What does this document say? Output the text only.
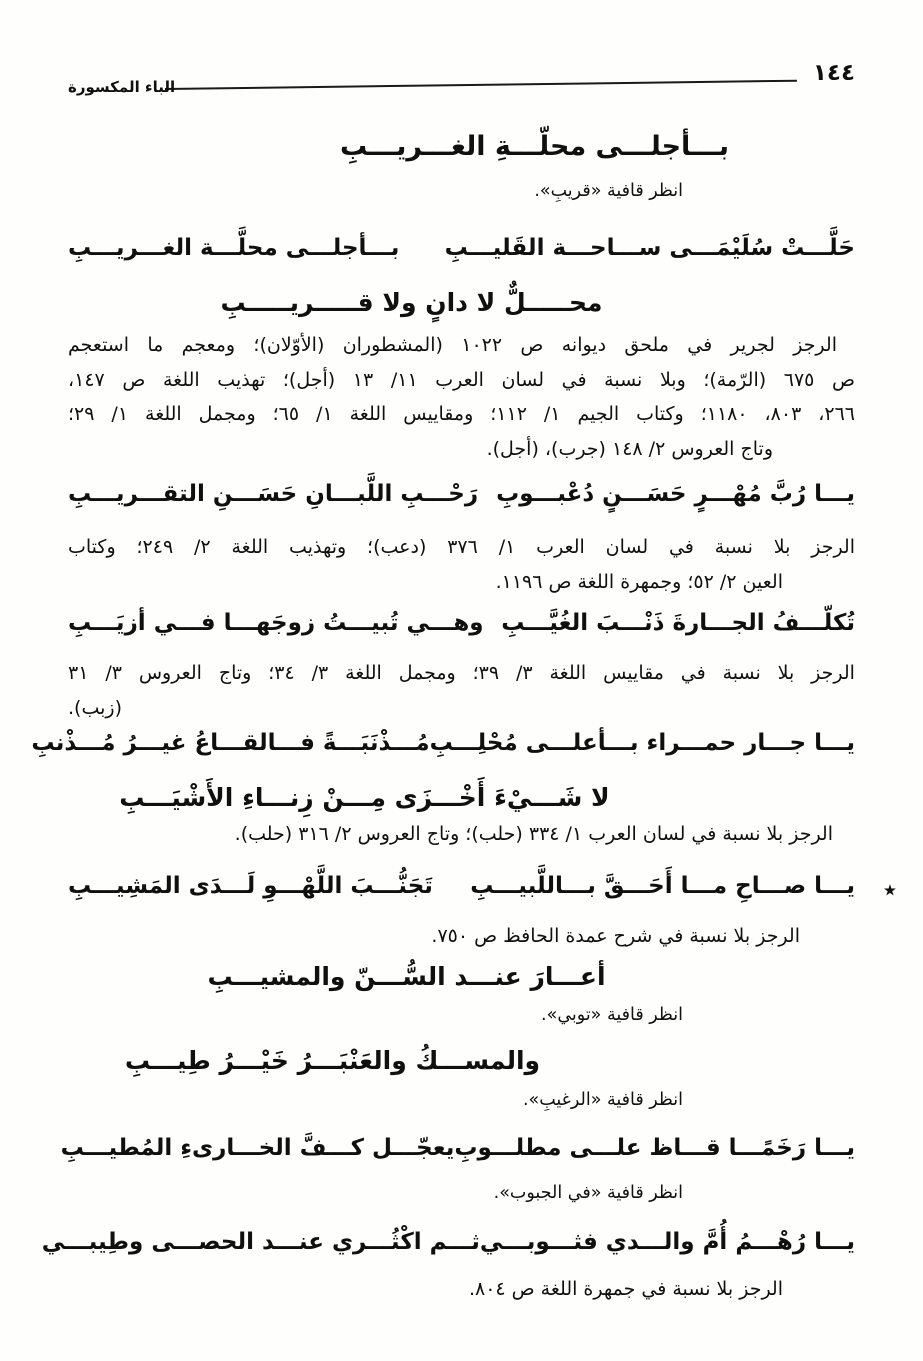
١٤٤
الباء المكسورة
بـــأجلـــى محلّـــةِ الغـــريـــبِ
انظر قافية «قريبِ».
حَلَّـــتْ سُلَيْمَـــى ســـاحـــة القَليـــبِ
بـــأجلـــى محلَّـــة الغـــريـــبِ
محـــــلٌّ لا دانٍ ولا قـــــريـــــبِ
الرجز لجرير في ملحق ديوانه ص ١٠٢٢ (المشطوران (الأوّلان)؛ ومعجم ما استعجم
ص ٦٧٥ (الرّمة)؛ وبلا نسبة في لسان العرب ١١/ ١٣ (أجل)؛ تهذيب اللغة ص ١٤٧،
٢٦٦، ٨٠٣، ١١٨٠؛ وكتاب الجيم ١/ ١١٢؛ ومقاييس اللغة ١/ ٦٥؛ ومجمل اللغة ١/ ٢٩؛
وتاج العروس ٢/ ١٤٨ (جرب)، (أجل).
يـــا رُبَّ مُهْـــرٍ حَسَـــنٍ دُعْبـــوبِ
رَحْـــبِ اللَّبـــانِ حَسَـــنِ التقـــريـــبِ
الرجز بلا نسبة في لسان العرب ١/ ٣٧٦ (دعب)؛ وتهذيب اللغة ٢/ ٢٤٩؛ وكتاب
العين ٢/ ٥٢؛ وجمهرة اللغة ص ١١٩٦.
تُكلّـــفُ الجـــارةَ ذَنْـــبَ الغُيَّـــبِ
وهـــي تُبيـــتُ زوجَهـــا فـــي أزيَـــبِ
الرجز بلا نسبة في مقاييس اللغة ٣/ ٣٩؛ ومجمل اللغة ٣/ ٣٤؛ وتاج العروس ٣/ ٣١
(زبب).
يـــا جـــار حمـــراء بـــأعلـــى مُحْلِـــبِ
مُـــذْنَبَـــةً فـــالقـــاعُ غيـــرُ مُـــذْنبِ
لا شَـــيْءَ أَخْـــزَى مِـــنْ زِنـــاءِ الأَشْيَـــبِ
الرجز بلا نسبة في لسان العرب ١/ ٣٣٤ (حلب)؛ وتاج العروس ٢/ ٣١٦ (حلب).
٭
يـــا صـــاحِ مـــا أَحَـــقَّ بـــاللَّبيـــبِ
تَجَنُّـــبَ اللَّهْـــوِ لَـــدَى المَشِيـــبِ
الرجز بلا نسبة في شرح عمدة الحافظ ص ٧٥٠.
أعـــارَ عنـــد السُّـــنّ والمشيـــبِ
انظر قافية «توبي».
والمســـكُ والعَنْبَـــرُ خَيْـــرُ طِيـــبِ
انظر قافية «الرغيبِ».
يـــا رَخَمًـــا قـــاظ علـــى مطلـــوبِ
يعجّـــل كـــفَّ الخـــارىءِ المُطيـــبِ
انظر قافية «في الجبوب».
يـــا رُهْـــمُ أُمَّ والـــدي فثـــوبـــي
ثـــم اكْثُـــري عنـــد الحصـــى وطِيبـــي
الرجز بلا نسبة في جمهرة اللغة ص ٨٠٤.
